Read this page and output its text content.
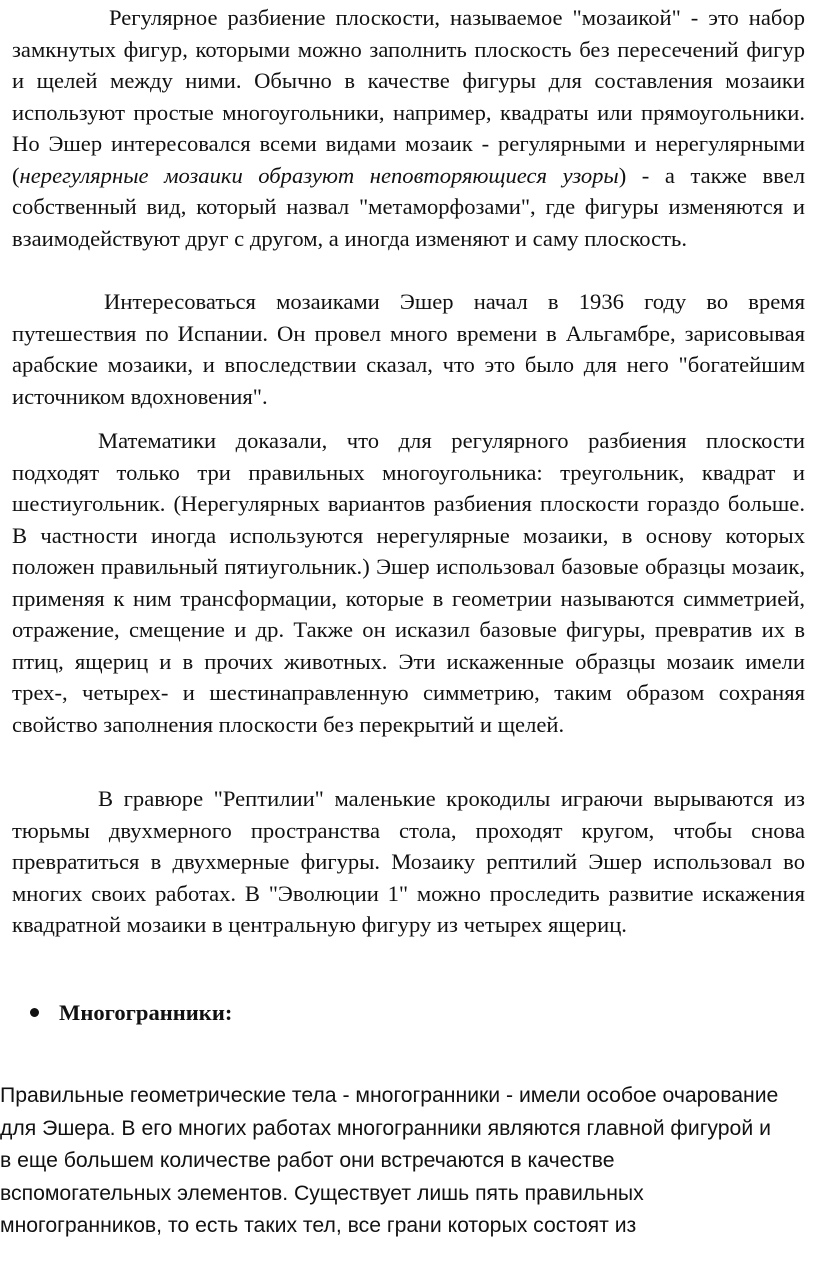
Регулярное разбиение плоскости, называемое "мозаикой" - это набор замкнутых фигур, которыми можно заполнить плоскость без пересечений фигур и щелей между ними. Обычно в качестве фигуры для составления мозаики используют простые многоугольники, например, квадраты или прямоугольники. Но Эшер интересовался всеми видами мозаик - регулярными и нерегулярными (нерегулярные мозаики образуют неповторяющиеся узоры) - а также ввел собственный вид, который назвал "метаморфозами", где фигуры изменяются и взаимодействуют друг с другом, а иногда изменяют и саму плоскость.

Интересоваться мозаиками Эшер начал в 1936 году во время путешествия по Испании. Он провел много времени в Альгамбре, зарисовывая арабские мозаики, и впоследствии сказал, что это было для него "богатейшим источником вдохновения".

Математики доказали, что для регулярного разбиения плоскости подходят только три правильных многоугольника: треугольник, квадрат и шестиугольник. (Нерегулярных вариантов разбиения плоскости гораздо больше. В частности иногда используются нерегулярные мозаики, в основу которых положен правильный пятиугольник.) Эшер использовал базовые образцы мозаик, применяя к ним трансформации, которые в геометрии называются симметрией, отражение, смещение и др. Также он исказил базовые фигуры, превратив их в птиц, ящериц и в прочих животных. Эти искаженные образцы мозаик имели трех-, четырех- и шестинаправленную симметрию, таким образом сохраняя свойство заполнения плоскости без перекрытий и щелей.

В гравюре "Рептилии" маленькие крокодилы играючи вырываются из тюрьмы двухмерного пространства стола, проходят кругом, чтобы снова превратиться в двухмерные фигуры. Мозаику рептилий Эшер использовал во многих своих работах. В "Эволюции 1" можно проследить развитие искажения квадратной мозаики в центральную фигуру из четырех ящериц.

Многогранники:

Правильные геометрические тела - многогранники - имели особое очарование для Эшера. В его многих работах многогранники являются главной фигурой и в еще большем количестве работ они встречаются в качестве вспомогательных элементов. Существует лишь пять правильных многогранников, то есть таких тел, все грани которых состоят из
